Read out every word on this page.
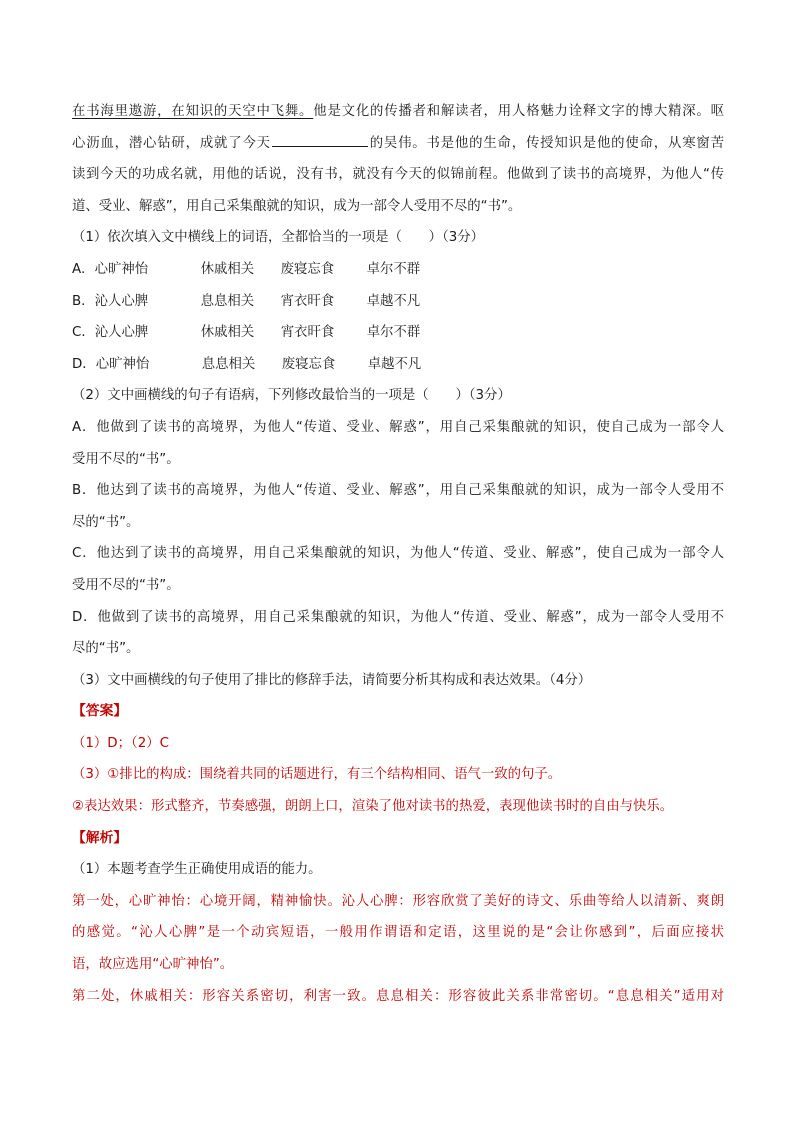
在书海里遨游，在知识的天空中飞舞。他是文化的传播者和解读者，用人格魅力诠释文字的博大精深。呕
心沥血，潜心钻研，成就了今天	的吴伟。书是他的生命，传授知识是他的使命，从寒窗苦
读到今天的功成名就，用他的话说，没有书，就没有今天的似锦前程。他做到了读书的高境界，为他人“传
道、受业、解惑”，用自己采集酿就的知识，成为一部令人受用不尽的“书”。
（1）依次填入文中横线上的词语，全都恰当的一项是（　　）（3分）
A．心旷神怡	休戚相关 废寝忘食 卓尔不群
B．沁人心脾	息息相关 宵衣旰食 卓越不凡
C．沁人心脾	休戚相关 宵衣旰食 卓尔不群
D．心旷神怡	息息相关 废寝忘食 卓越不凡
（2）文中画横线的句子有语病，下列修改最恰当的一项是（　　）（3分）
A．他做到了读书的高境界，为他人“传道、受业、解惑”，用自己采集酿就的知识，使自己成为一部令人
受用不尽的“书”。
B．他达到了读书的高境界，为他人“传道、受业、解惑”，用自己采集酿就的知识，成为一部令人受用不
尽的“书”。
C．他达到了读书的高境界，用自己采集酿就的知识，为他人“传道、受业、解惑”，使自己成为一部令人
受用不尽的“书”。
D．他做到了读书的高境界，用自己采集酿就的知识，为他人“传道、受业、解惑”，成为一部令人受用不
尽的“书”。
（3）文中画横线的句子使用了排比的修辞手法，请简要分析其构成和表达效果。（4分）
【答案】
（1）D；（2）C
（3）①排比的构成：围绕着共同的话题进行，有三个结构相同、语气一致的句子。
②表达效果：形式整齐，节奏感强，朗朗上口，渲染了他对读书的热爱，表现他读书时的自由与快乐。
【解析】
（1）本题考查学生正确使用成语的能力。
第一处，心旷神怡：心境开阔，精神愉快。沁人心脾：形容欣赏了美好的诗文、乐曲等给人以清新、爽朗
的感觉。“沁人心脾”是一个动宾短语，一般用作谓语和定语，这里说的是“会让你感到”，后面应接状
语，故应选用“心旷神怡”。
第二处，休戚相关：形容关系密切，利害一致。息息相关：形容彼此关系非常密切。“息息相关”适用对
